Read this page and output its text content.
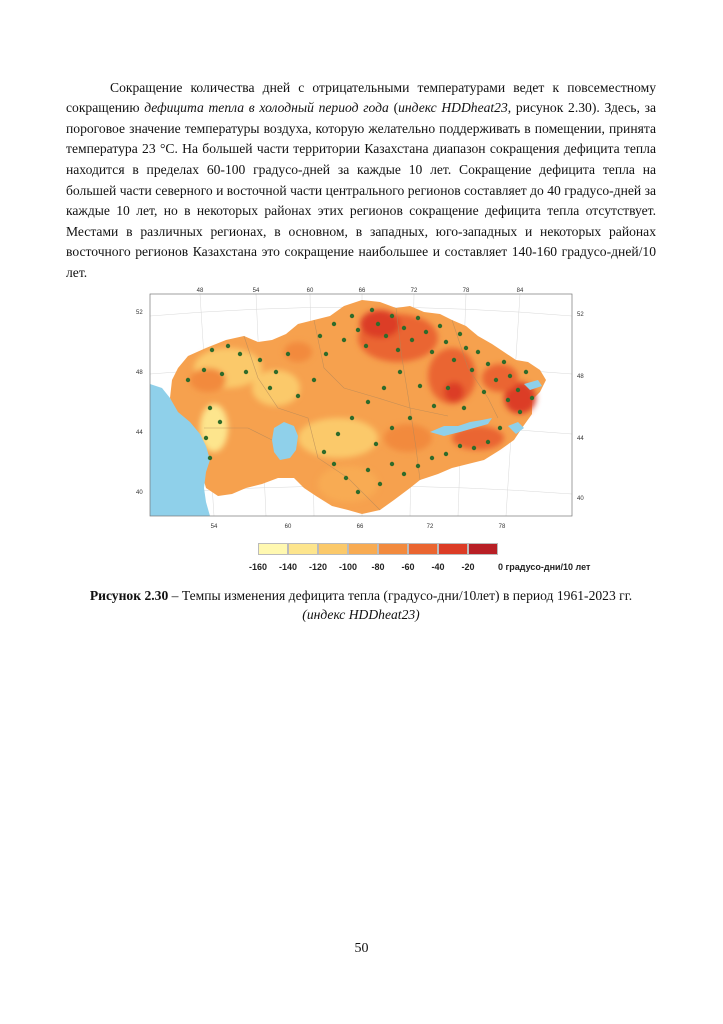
Сокращение количества дней с отрицательными температурами ведет к повсеместному сокращению дефицита тепла в холодный период года (индекс HDDheat23, рисунок 2.30). Здесь, за пороговое значение температуры воздуха, которую желательно поддерживать в помещении, принята температура 23 °С. На большей части территории Казахстана диапазон сокращения дефицита тепла находится в пределах 60-100 градусо-дней за каждые 10 лет. Сокращение дефицита тепла на большей части северного и восточной части центрального регионов составляет до 40 градусо-дней за каждые 10 лет, но в некоторых районах этих регионов сокращение дефицита тепла отсутствует. Местами в различных регионах, в основном, в западных, юго-западных и некоторых районах восточного регионов Казахстана это сокращение наибольшее и составляет 140-160 градусо-дней/10 лет.

48	54	60	66	72	78	84
54	60	66	72	78
52
48
44
40
52
48
44
40
-160 -140 -120 -100 -80 -60 -40 -20	0 градусо-дни/10 лет
Рисунок 2.30 – Темпы изменения дефицита тепла (градусо-дни/10лет) в период 1961-2023 гг.
(индекс HDDheat23)
50
